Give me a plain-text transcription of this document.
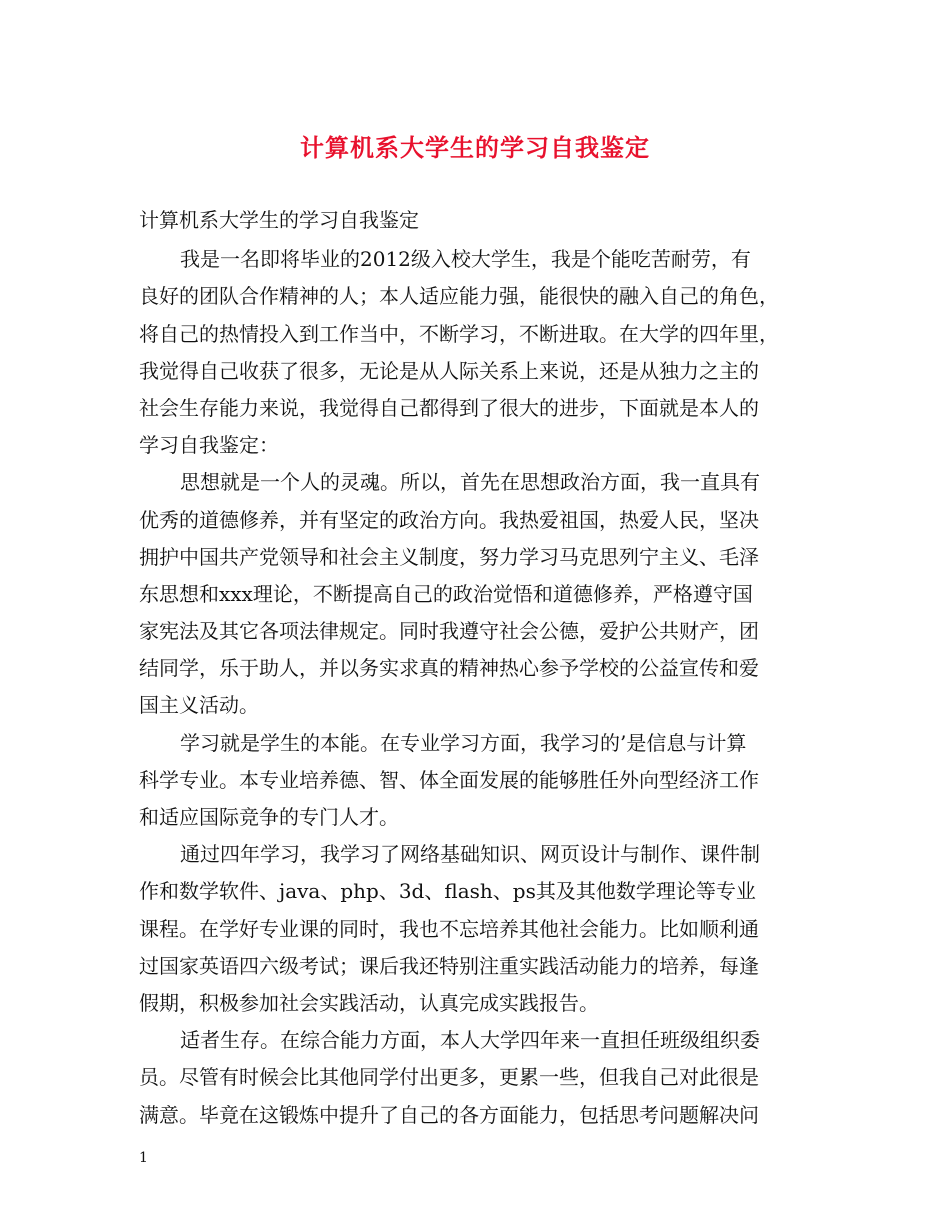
计算机系大学生的学习自我鉴定
计算机系大学生的学习自我鉴定
我是一名即将毕业的2012级入校大学生，我是个能吃苦耐劳，有
良好的团队合作精神的人；本人适应能力强，能很快的融入自己的角色，
将自己的热情投入到工作当中，不断学习，不断进取。在大学的四年里，
我觉得自己收获了很多，无论是从人际关系上来说，还是从独力之主的
社会生存能力来说，我觉得自己都得到了很大的进步，下面就是本人的
学习自我鉴定：
思想就是一个人的灵魂。所以，首先在思想政治方面，我一直具有
优秀的道德修养，并有坚定的政治方向。我热爱祖国，热爱人民，坚决
拥护中国共产党领导和社会主义制度，努力学习马克思列宁主义、毛泽
东思想和xxx理论，不断提高自己的政治觉悟和道德修养，严格遵守国
家宪法及其它各项法律规定。同时我遵守社会公德，爱护公共财产，团
结同学，乐于助人，并以务实求真的精神热心参予学校的公益宣传和爱
国主义活动。
学习就是学生的本能。在专业学习方面，我学习的’是信息与计算
科学专业。本专业培养德、智、体全面发展的能够胜任外向型经济工作
和适应国际竞争的专门人才。
通过四年学习，我学习了网络基础知识、网页设计与制作、课件制
作和数学软件、java、php、3d、flash、ps其及其他数学理论等专业
课程。在学好专业课的同时，我也不忘培养其他社会能力。比如顺利通
过国家英语四六级考试；课后我还特别注重实践活动能力的培养，每逢
假期，积极参加社会实践活动，认真完成实践报告。
适者生存。在综合能力方面，本人大学四年来一直担任班级组织委
员。尽管有时候会比其他同学付出更多，更累一些，但我自己对此很是
满意。毕竟在这锻炼中提升了自己的各方面能力，包括思考问题解决问
1
